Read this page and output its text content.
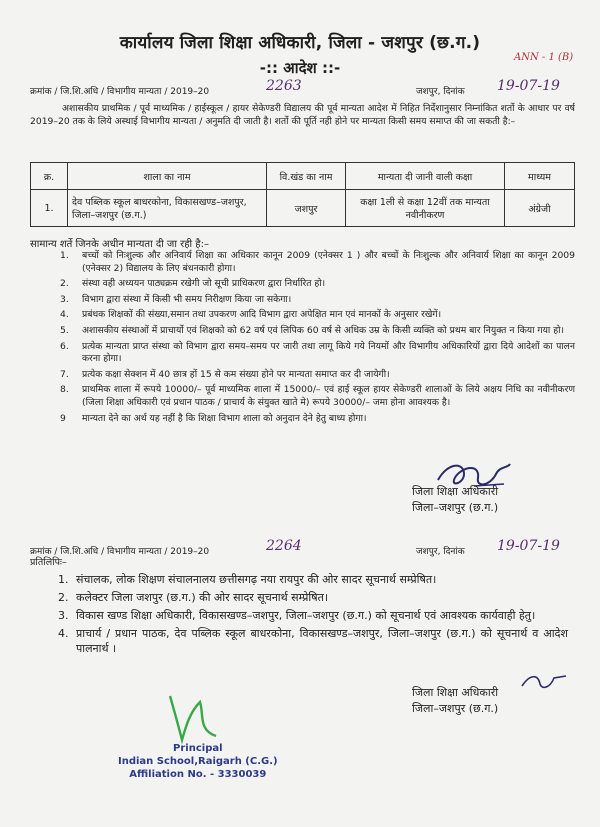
कार्यालय जिला शिक्षा अधिकारी, जिला - जशपुर (छ.ग.)
ANN - 1 (B)
-:: आदेश ::-
क्रमांक / जि.शि.अधि / विभागीय मान्यता / 2019–20	2263	जशपुर, दिनांक 19-07-19
अशासकीय प्राथमिक / पूर्व माध्यमिक / हाईस्कूल / हायर सेकेण्डरी विद्यालय की पूर्व मान्यता आदेश में निहित निर्देशानुसार निम्नांकित शर्तो के आधार पर वर्ष 2019–20 तक के लिये अस्थाई विभागीय मान्यता / अनुमति दी जाती है। शर्तो की पूर्ति नही होने पर मान्यता किसी समय समाप्त की जा सकती है:–
क्र.	शाला का नाम	वि.खंड का नाम	मान्यता दी जानी वाली कक्षा	माध्यम
1.	देव पब्लिक स्कूल बाधरकोना, विकासखण्ड–जशपुर, जिला–जशपुर (छ.ग.)	जशपुर	कक्षा 1ली से कक्षा 12वीं तक मान्यता नवीनीकरण	अंग्रेजी
सामान्य शर्ते जिनके अधीन मान्यता दी जा रही है:–
1.	बच्चों को निःशुल्क और अनिवार्य शिक्षा का अधिकार कानून 2009 (एनेक्सर 1 ) और बच्चों के निःशुल्क और अनिवार्य शिक्षा का कानून 2009 (एनेक्सर 2) विद्यालय के लिए बंधनकारी होगा।
2.	संस्था वही अध्ययन पाठ्यक्रम रखेगी जो सूची प्राधिकरण द्वारा निर्धारित हो।
3.	विभाग द्वारा संस्था में किसी भी समय निरीक्षण किया जा सकेगा।
4.	प्रबंधक शिक्षकों की संख्या,समान तथा उपकरण आदि विभाग द्वारा अपेक्षित मान एवं मानकों के अनुसार रखेगें।
5.	अशासकीय संस्थाओं में प्राचार्यो एवं शिक्षको को 62 वर्ष एवं लिपिक 60 वर्ष से अधिक उम्र के किसी व्यक्ति को प्रथम बार नियुक्त न किया गया हो।
6.	प्रत्येक मान्यता प्राप्त संस्था को विभाग द्वारा समय–समय पर जारी तथा लागू किये गये नियमों और विभागीय अधिकारियों द्वारा दिये आदेशों का पालन करना होगा।
7.	प्रत्येक कक्षा सेक्शन में 40 छात्र हों 15 से कम संख्या होने पर मान्यता समाप्त कर दी जायेगी।
8.	प्राथमिक शाला में रूपये 10000/– पूर्व माध्यमिक शाला में 15000/– एवं हाई स्कूल हायर सेकेण्डरी शालाओं के लिये अक्षय निधि का नवीनीकरण (जिला शिक्षा अधिकारी एवं प्रधान पाठक / प्राचार्य के संयुक्त खाते मे) रूपये 30000/– जमा होना आवश्यक है।
9	मान्यता देने का अर्थ यह नहीं है कि शिक्षा विभाग शाला को अनुदान देने हेतु बाध्य होगा।
जिला शिक्षा अधिकारी
जिला–जशपुर (छ.ग.)
क्रमांक / जि.शि.अधि / विभागीय मान्यता / 2019–20	2264	जशपुर, दिनांक 19-07-19
प्रतिलिपिः–
1. संचालक, लोक शिक्षण संचालनालय छत्तीसगढ़ नया रायपुर की ओर सादर सूचनार्थ सम्प्रेषित।
2. कलेक्टर जिला जशपुर (छ.ग.) की ओर सादर सूचनार्थ सम्प्रेषित।
3. विकास खण्ड शिक्षा अधिकारी, विकासखण्ड–जशपुर, जिला–जशपुर (छ.ग.) को सूचनार्थ एवं आवश्यक कार्यवाही हेतु।
4. प्राचार्य / प्रधान पाठक, देव पब्लिक स्कूल बाधरकोना, विकासखण्ड–जशपुर, जिला–जशपुर (छ.ग.) को सूचनार्थ व आदेश पालनार्थ ।
जिला शिक्षा अधिकारी
जिला–जशपुर (छ.ग.)
Principal
Indian School,Raigarh (C.G.)
Affiliation No. - 3330039
